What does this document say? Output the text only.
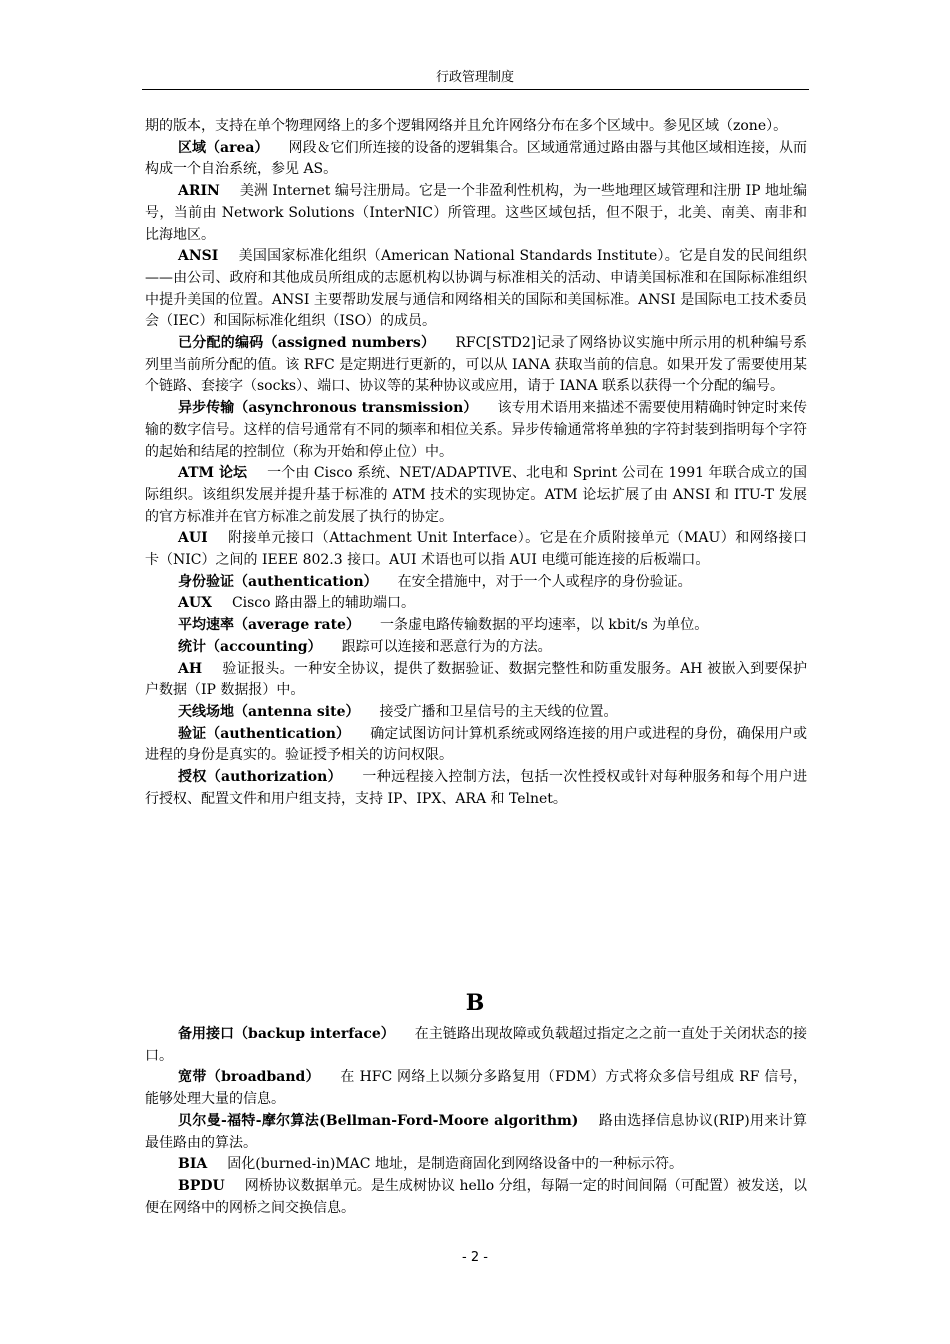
行政管理制度

期的版本，支持在单个物理网络上的多个逻辑网络并且允许网络分布在多个区域中。参见区域（zone）。

区域（area） 网段＆它们所连接的设备的逻辑集合。区域通常通过路由器与其他区域相连接，从而构成一个自治系统，参见 AS。

ARIN 美洲 Internet 编号注册局。它是一个非盈利性机构，为一些地理区域管理和注册 IP 地址编号，当前由 Network Solutions（InterNIC）所管理。这些区域包括，但不限于，北美、南美、南非和比海地区。

ANSI 美国国家标准化组织（American National Standards Institute）。它是自发的民间组织——由公司、政府和其他成员所组成的志愿机构以协调与标准相关的活动、申请美国标准和在国际标准组织中提升美国的位置。ANSI 主要帮助发展与通信和网络相关的国际和美国标准。ANSI 是国际电工技术委员会（IEC）和国际标准化组织（ISO）的成员。

已分配的编码（assigned numbers） RFC[STD2]记录了网络协议实施中所示用的机种编号系列里当前所分配的值。该 RFC 是定期进行更新的，可以从 IANA 获取当前的信息。如果开发了需要使用某个链路、套接字（socks）、端口、协议等的某种协议或应用，请于 IANA 联系以获得一个分配的编号。

异步传输（asynchronous transmission） 该专用术语用来描述不需要使用精确时钟定时来传输的数字信号。这样的信号通常有不同的频率和相位关系。异步传输通常将单独的字符封装到指明每个字符的起始和结尾的控制位（称为开始和停止位）中。

ATM 论坛 一个由 Cisco 系统、NET/ADAPTIVE、北电和 Sprint 公司在 1991 年联合成立的国际组织。该组织发展并提升基于标准的 ATM 技术的实现协定。ATM 论坛扩展了由 ANSI 和 ITU-T 发展的官方标准并在官方标准之前发展了执行的协定。

AUI 附接单元接口（Attachment Unit Interface）。它是在介质附接单元（MAU）和网络接口卡（NIC）之间的 IEEE 802.3 接口。AUI 术语也可以指 AUI 电缆可能连接的后板端口。

身份验证（authentication） 在安全措施中，对于一个人或程序的身份验证。

AUX Cisco 路由器上的辅助端口。

平均速率（average rate） 一条虚电路传输数据的平均速率，以 kbit/s 为单位。

统计（accounting） 跟踪可以连接和恶意行为的方法。

AH 验证报头。一种安全协议，提供了数据验证、数据完整性和防重发服务。AH 被嵌入到要保护户数据（IP 数据报）中。

天线场地（antenna site） 接受广播和卫星信号的主天线的位置。

验证（authentication） 确定试图访问计算机系统或网络连接的用户或进程的身份，确保用户或进程的身份是真实的。验证授予相关的访问权限。

授权（authorization） 一种远程接入控制方法，包括一次性授权或针对每种服务和每个用户进行授权、配置文件和用户组支持，支持 IP、IPX、ARA 和 Telnet。

B

备用接口（backup interface） 在主链路出现故障或负载超过指定之之前一直处于关闭状态的接口。

宽带（broadband） 在 HFC 网络上以频分多路复用（FDM）方式将众多信号组成 RF 信号，能够处理大量的信息。

贝尔曼-福特-摩尔算法(Bellman-Ford-Moore algorithm) 路由选择信息协议(RIP)用来计算最佳路由的算法。

BIA 固化(burned-in)MAC 地址，是制造商固化到网络设备中的一种标示符。

BPDU 网桥协议数据单元。是生成树协议 hello 分组，每隔一定的时间间隔（可配置）被发送，以便在网络中的网桥之间交换信息。

- 2 -
